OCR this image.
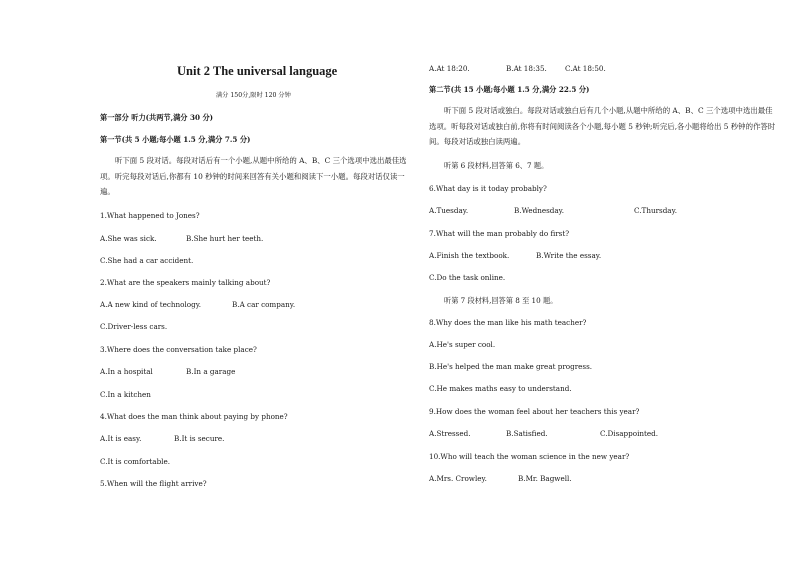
Unit 2 The universal language
满分 150分,限时 120 分钟
第一部分 听力(共两节,满分 30 分)
第一节(共 5 小题;每小题 1.5 分,满分 7.5 分)
听下面 5 段对话。每段对话后有一个小题,从题中所给的 A、B、C 三个选项中选出最佳选项。听完每段对话后,你都有 10 秒钟的时间来回答有关小题和阅读下一小题。每段对话仅读一遍。
1.What happened to Jones?
A.She was sick.	B.She hurt her teeth.
C.She had a car accident.
2.What are the speakers mainly talking about?
A.A new kind of technology.	B.A car company.
C.Driver-less cars.
3.Where does the conversation take place?
A.In a hospital	B.In a garage
C.In a kitchen
4.What does the man think about paying by phone?
A.It is easy.	B.It is secure.
C.It is comfortable.
5.When will the flight arrive?
A.At 18:20.	B.At 18:35.	C.At 18:50.
第二节(共 15 小题;每小题 1.5 分,满分 22.5 分)
听下面 5 段对话或独白。每段对话或独白后有几个小题,从题中所给的 A、B、C 三个选项中选出最佳选项。听每段对话或独白前,你将有时间阅读各个小题,每小题 5 秒钟;听完后,各小题将给出 5 秒钟的作答时间。每段对话或独白读两遍。
听第 6 段材料,回答第 6、7 题。
6.What day is it today probably?
A.Tuesday.	B.Wednesday.	C.Thursday.
7.What will the man probably do first?
A.Finish the textbook.	B.Write the essay.
C.Do the task online.
听第 7 段材料,回答第 8 至 10 题。
8.Why does the man like his math teacher?
A.He's super cool.
B.He's helped the man make great progress.
C.He makes maths easy to understand.
9.How does the woman feel about her teachers this year?
A.Stressed.	B.Satisfied.	C.Disappointed.
10.Who will teach the woman science in the new year?
A.Mrs. Crowley.	B.Mr. Bagwell.
